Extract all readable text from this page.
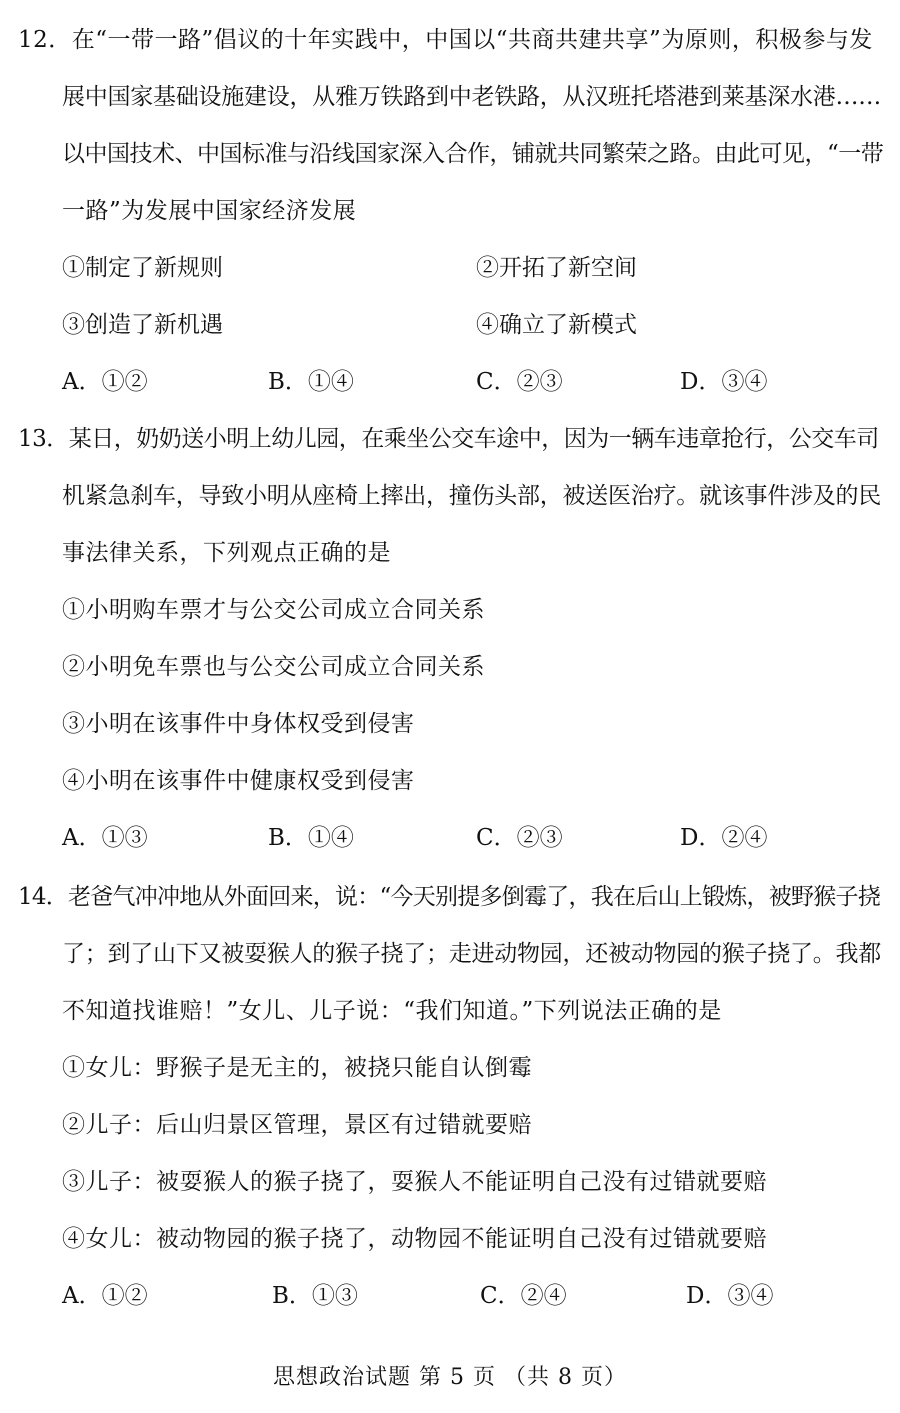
12．在“一带一路”倡议的十年实践中，中国以“共商共建共享”为原则，积极参与发
展中国家基础设施建设，从雅万铁路到中老铁路，从汉班托塔港到莱基深水港……
以中国技术、中国标准与沿线国家深入合作，铺就共同繁荣之路。由此可见，“一带
一路”为发展中国家经济发展
①制定了新规则	②开拓了新空间
③创造了新机遇	④确立了新模式
A．①②	B．①④	C．②③	D．③④
13．某日，奶奶送小明上幼儿园，在乘坐公交车途中，因为一辆车违章抢行，公交车司
机紧急刹车，导致小明从座椅上摔出，撞伤头部，被送医治疗。就该事件涉及的民
事法律关系，下列观点正确的是
①小明购车票才与公交公司成立合同关系
②小明免车票也与公交公司成立合同关系
③小明在该事件中身体权受到侵害
④小明在该事件中健康权受到侵害
A．①③	B．①④	C．②③	D．②④
14．老爸气冲冲地从外面回来，说：“今天别提多倒霉了，我在后山上锻炼，被野猴子挠
了；到了山下又被耍猴人的猴子挠了；走进动物园，还被动物园的猴子挠了。我都
不知道找谁赔！”女儿、儿子说：“我们知道。”下列说法正确的是
①女儿：野猴子是无主的，被挠只能自认倒霉
②儿子：后山归景区管理，景区有过错就要赔
③儿子：被耍猴人的猴子挠了，耍猴人不能证明自己没有过错就要赔
④女儿：被动物园的猴子挠了，动物园不能证明自己没有过错就要赔
A．①②	B．①③	C．②④	D．③④
思想政治试题 第 5 页 （共 8 页）
